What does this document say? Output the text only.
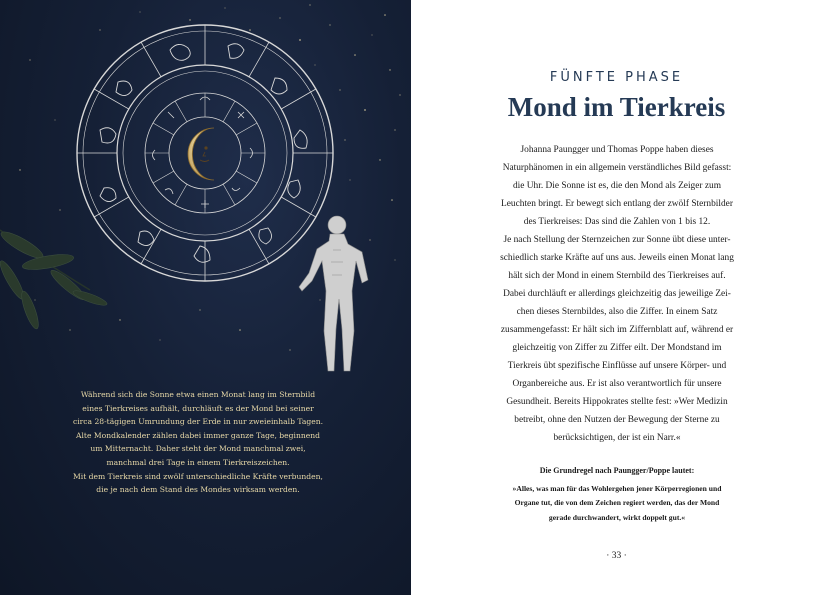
Während sich die Sonne etwa einen Monat lang im Sternbild

eines Tierkreises aufhält, durchläuft es der Mond bei seiner

circa 28-tägigen Umrundung der Erde in nur zweieinhalb Tagen.

Alte Mondkalender zählen dabei immer ganze Tage, beginnend

um Mitternacht. Daher steht der Mond manchmal zwei,

manchmal drei Tage in einem Tierkreiszeichen.

Mit dem Tierkreis sind zwölf unterschiedliche Kräfte verbunden,

die je nach dem Stand des Mondes wirksam werden.

FÜNFTE PHASE
Mond im Tierkreis

Johanna Paungger und Thomas Poppe haben dieses

Naturphänomen in ein allgemein verständliches Bild gefasst:

die Uhr. Die Sonne ist es, die den Mond als Zeiger zum

Leuchten bringt. Er bewegt sich entlang der zwölf Sternbilder

des Tierkreises: Das sind die Zahlen von 1 bis 12.

Je nach Stellung der Sternzeichen zur Sonne übt diese unter-

schiedlich starke Kräfte auf uns aus. Jeweils einen Monat lang

hält sich der Mond in einem Sternbild des Tierkreises auf.

Dabei durchläuft er allerdings gleichzeitig das jeweilige Zei-

chen dieses Sternbildes, also die Ziffer. In einem Satz

zusammengefasst: Er hält sich im Ziffernblatt auf, während er

gleichzeitig von Ziffer zu Ziffer eilt. Der Mondstand im

Tierkreis übt spezifische Einflüsse auf unsere Körper- und

Organbereiche aus. Er ist also verantwortlich für unsere

Gesundheit. Bereits Hippokrates stellte fest: »Wer Medizin

betreibt, ohne den Nutzen der Bewegung der Sterne zu

berücksichtigen, der ist ein Narr.«

Die Grundregel nach Paungger/Poppe lautet:
»Alles, was man für das Wohlergehen jener Körperregionen und
Organe tut, die von dem Zeichen regiert werden, das der Mond
gerade durchwandert, wirkt doppelt gut.«
· 33 ·
